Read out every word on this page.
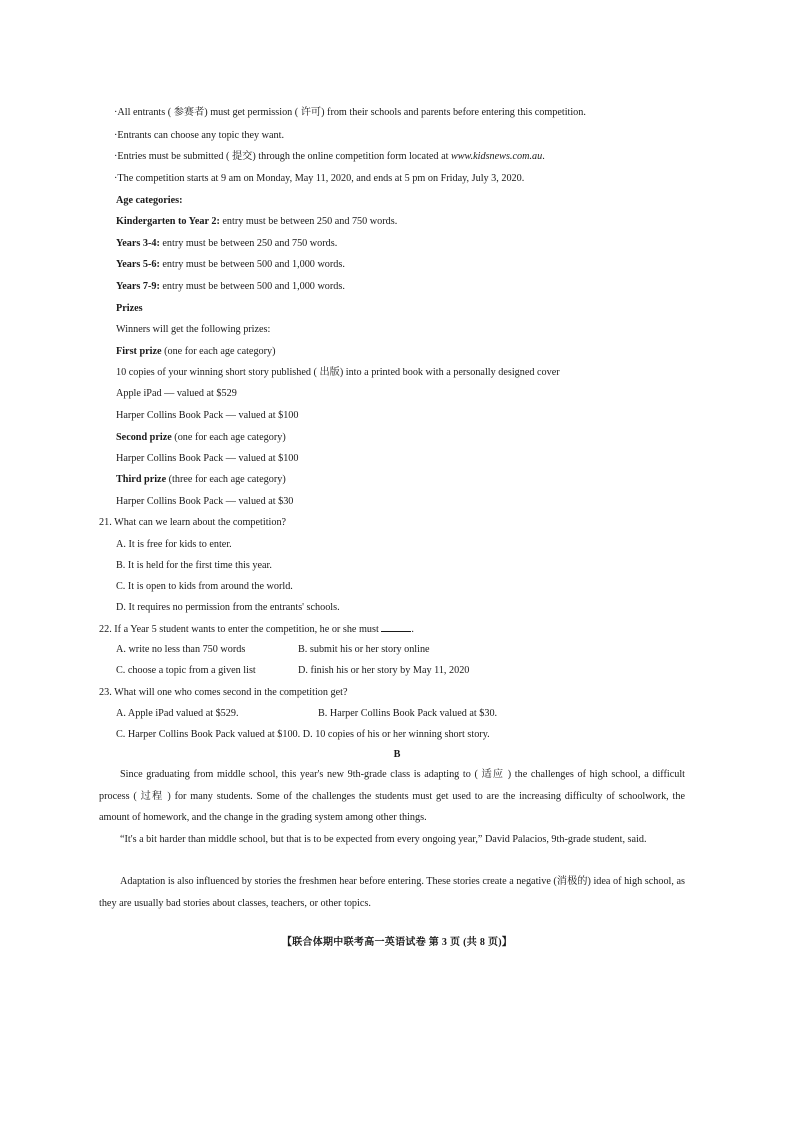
·All entrants ( 参赛者) must get permission ( 许可) from their schools and parents before entering this competition.
·Entrants can choose any topic they want.
·Entries must be submitted ( 提交) through the online competition form located at www.kidsnews.com.au.
·The competition starts at 9 am on Monday, May 11, 2020, and ends at 5 pm on Friday, July 3, 2020.
Age categories:
Kindergarten to Year 2: entry must be between 250 and 750 words.
Years 3-4: entry must be between 250 and 750 words.
Years 5-6: entry must be between 500 and 1,000 words.
Years 7-9: entry must be between 500 and 1,000 words.
Prizes
Winners will get the following prizes:
First prize (one for each age category)
10 copies of your winning short story published ( 出版) into a printed book with a personally designed cover
Apple iPad — valued at $529
Harper Collins Book Pack — valued at $100
Second prize (one for each age category)
Harper Collins Book Pack — valued at $100
Third prize (three for each age category)
Harper Collins Book Pack — valued at $30
21. What can we learn about the competition?
A. It is free for kids to enter.
B. It is held for the first time this year.
C. It is open to kids from around the world.
D. It requires no permission from the entrants' schools.
22. If a Year 5 student wants to enter the competition, he or she must	.
A. write no less than 750 words	B. submit his or her story online
C. choose a topic from a given list	D. finish his or her story by May 11, 2020
23. What will one who comes second in the competition get?
A. Apple iPad valued at $529.	B. Harper Collins Book Pack valued at $30.
C. Harper Collins Book Pack valued at $100. D. 10 copies of his or her winning short story.
B
Since graduating from middle school, this year's new 9th-grade class is adapting to ( 适应 ) the challenges of high school, a difficult process ( 过程 ) for many students. Some of the challenges the students must get used to are the increasing difficulty of schoolwork, the amount of homework, and the change in the grading system among other things.
“It's a bit harder than middle school, but that is to be expected from every ongoing year,” David Palacios, 9th-grade student, said.
Adaptation is also influenced by stories the freshmen hear before entering. These stories create a negative (消极的) idea of high school, as they are usually bad stories about classes, teachers, or other topics.
【联合体期中联考高一英语试卷 第 3 页 (共 8 页)】
